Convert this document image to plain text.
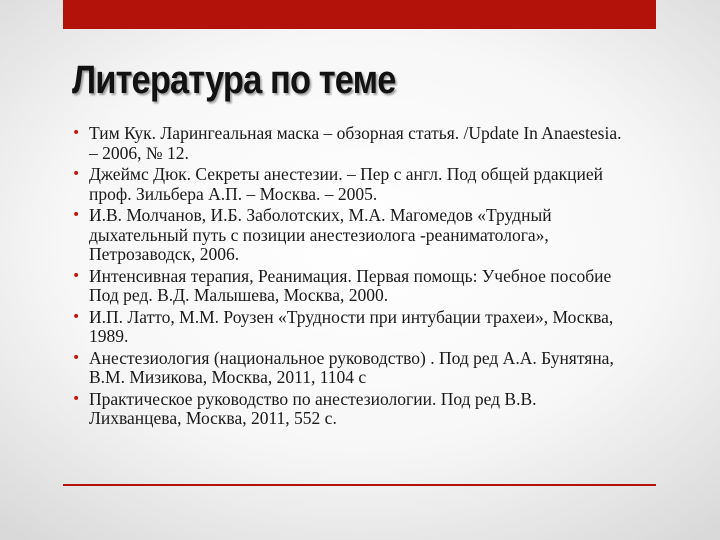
Литература по теме
• Тим Кук. Ларингеальная маска – обзорная статья. /Update In Anaestesia. – 2006, № 12.
• Джеймс Дюк. Секреты анестезии. – Пер с англ. Под общей рдакцией проф. Зильбера А.П. – Москва. – 2005.
• И.В. Молчанов, И.Б. Заболотских, М.А. Магомедов «Трудный дыхательный путь с позиции анестезиолога -реаниматолога», Петрозаводск, 2006.
• Интенсивная терапия, Реанимация. Первая помощь: Учебное пособие Под ред. В.Д. Малышева, Москва, 2000.
• И.П. Латто, М.М. Роузен «Трудности при интубации трахеи», Москва, 1989.
• Анестезиология (национальное руководство) . Под ред А.А. Бунятяна, В.М. Мизикова, Москва, 2011, 1104 с
• Практическое руководство по анестезиологии. Под ред В.В. Лихванцева, Москва, 2011, 552 с.
